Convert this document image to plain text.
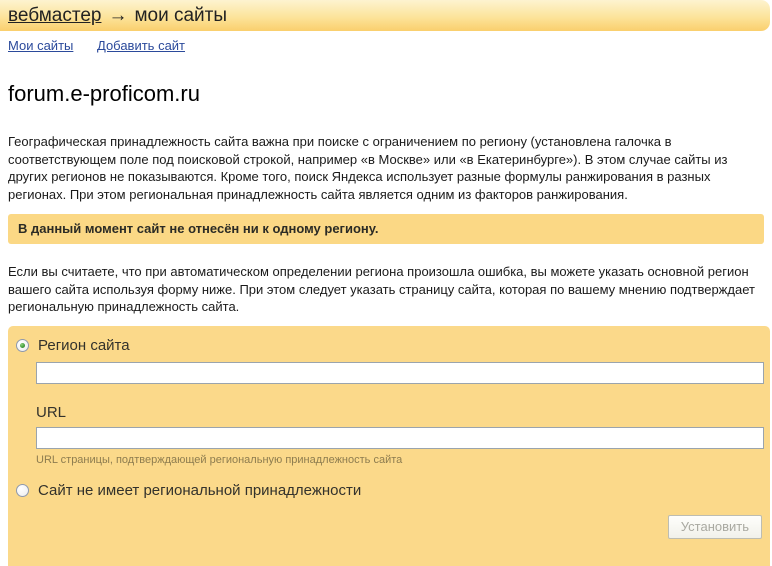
вебмастер → мои сайты
Мои сайты Добавить сайт
forum.e-proficom.ru

Географическая принадлежность сайта важна при поиске с ограничением по региону (установлена галочка в соответствующем поле под поисковой строкой, например «в Москве» или «в Екатеринбурге»). В этом случае сайты из других регионов не показываются. Кроме того, поиск Яндекса использует разные формулы ранжирования в разных регионах. При этом региональная принадлежность сайта является одним из факторов ранжирования.

В данный момент сайт не отнесён ни к одному региону.

Если вы считаете, что при автоматическом определении региона произошла ошибка, вы можете указать основной регион вашего сайта используя форму ниже. При этом следует указать страницу сайта, которая по вашему мнению подтверждает региональную принадлежность сайта.

Регион сайта
URL
URL страницы, подтверждающей региональную принадлежность сайта
Сайт не имеет региональной принадлежности
Установить
